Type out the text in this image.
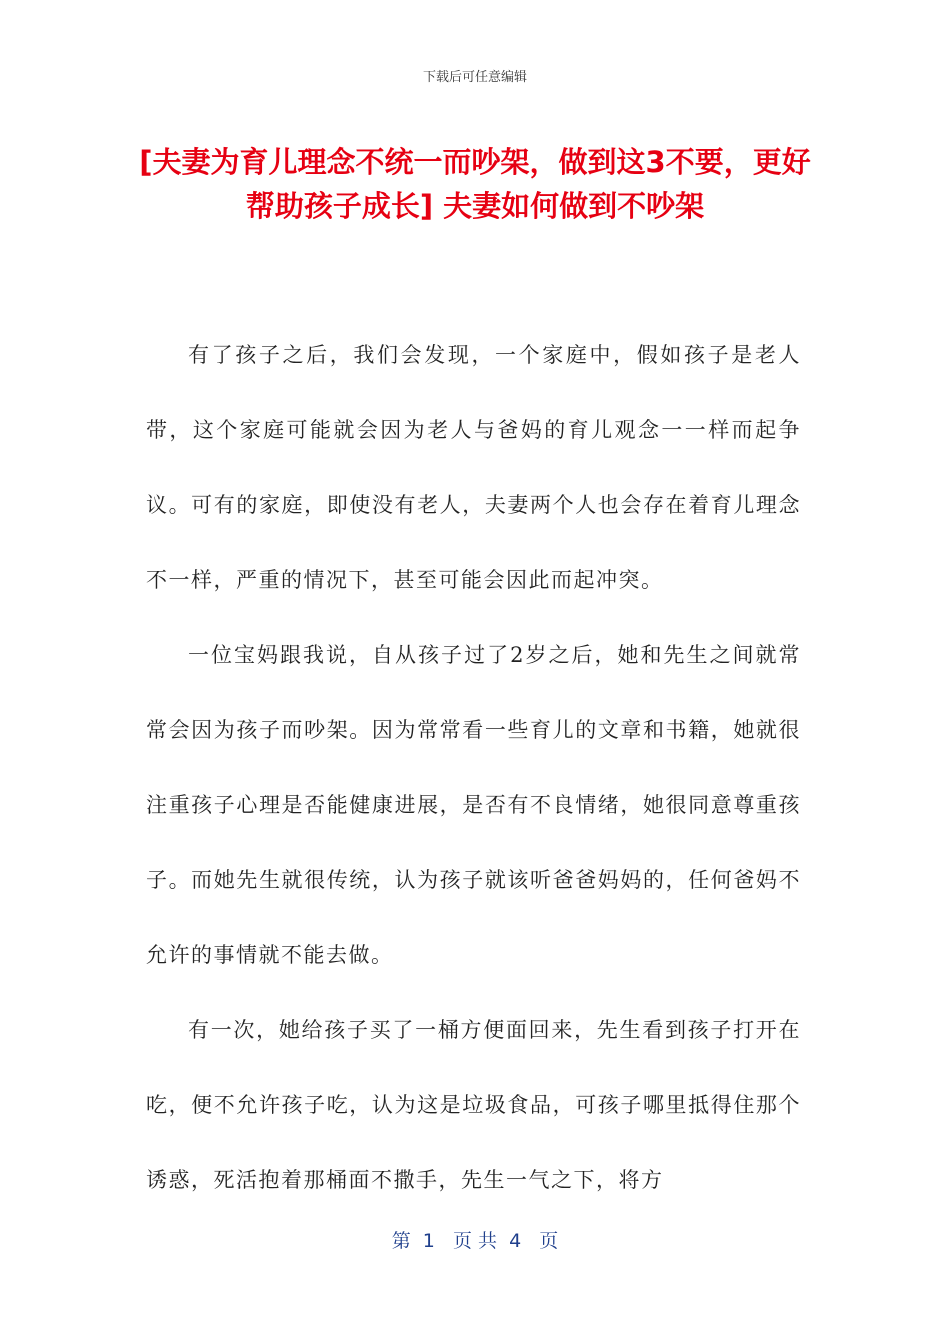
下载后可任意编辑
[夫妻为育儿理念不统一而吵架，做到这3不要，更好帮助孩子成长] 夫妻如何做到不吵架

有了孩子之后，我们会发现，一个家庭中，假如孩子是老人带，这个家庭可能就会因为老人与爸妈的育儿观念一一样而起争议。可有的家庭，即使没有老人，夫妻两个人也会存在着育儿理念不一样，严重的情况下，甚至可能会因此而起冲突。

一位宝妈跟我说，自从孩子过了2岁之后，她和先生之间就常常会因为孩子而吵架。因为常常看一些育儿的文章和书籍，她就很注重孩子心理是否能健康进展，是否有不良情绪，她很同意尊重孩子。而她先生就很传统，认为孩子就该听爸爸妈妈的，任何爸妈不允许的事情就不能去做。

有一次，她给孩子买了一桶方便面回来，先生看到孩子打开在吃，便不允许孩子吃，认为这是垃圾食品，可孩子哪里抵得住那个诱惑，死活抱着那桶面不撒手，先生一气之下，将方

第  1   页 共  4   页
